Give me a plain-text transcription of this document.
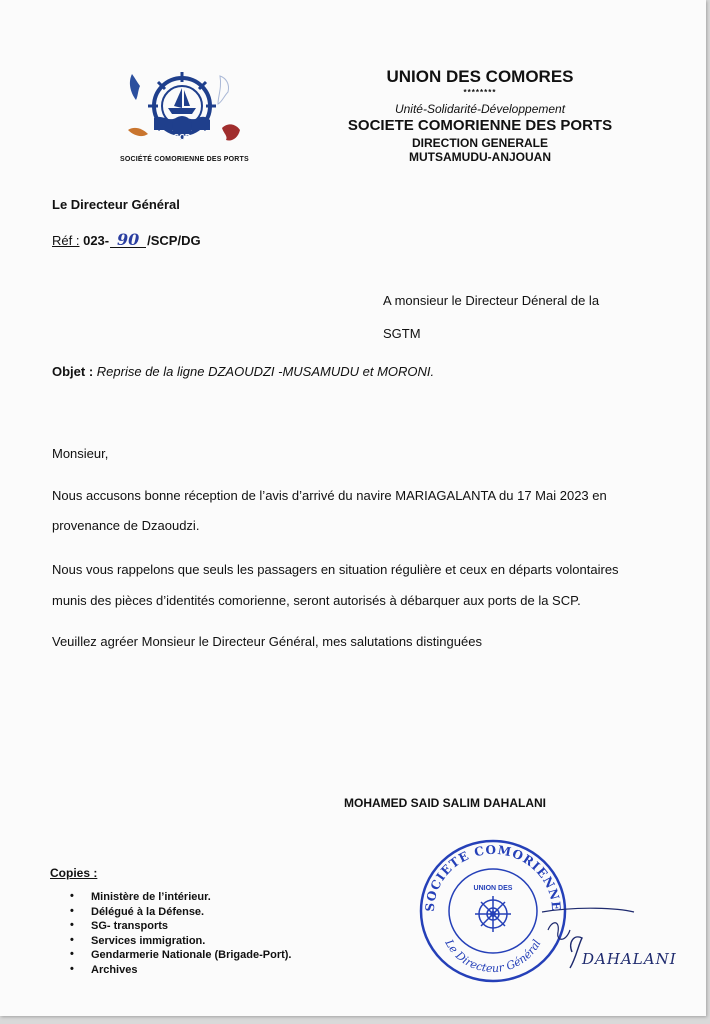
SCP
SOCIÉTÉ COMORIENNE DES PORTS
UNION DES COMORES
********
Unité-Solidarité-Développement
SOCIETE COMORIENNE DES PORTS
DIRECTION GENERALE
MUTSAMUDU-ANJOUAN
Le Directeur Général
Réf : 023- 90 /SCP/DG
A monsieur le Directeur Déneral de la
SGTM
Objet : Reprise de la ligne DZAOUDZI -MUSAMUDU et MORONI.
Monsieur,
Nous accusons bonne réception de l’avis d’arrivé du navire MARIAGALANTA du 17 Mai 2023 en
provenance de Dzaoudzi.
Nous vous rappelons que seuls les passagers en situation régulière et ceux en départs volontaires
munis des pièces d’identités comorienne, seront autorisés à débarquer aux ports de la SCP.
Veuillez agréer Monsieur le Directeur Général, mes salutations distinguées
MOHAMED SAID SALIM DAHALANI
Copies :
• Ministère de l’intérieur.
• Délégué à la Défense.
• SG- transports
• Services immigration.
• Gendarmerie Nationale (Brigade-Port).
• Archives
SOCIETE COMORIENNE
Le Directeur Général
UNION DES
DAHALANI
